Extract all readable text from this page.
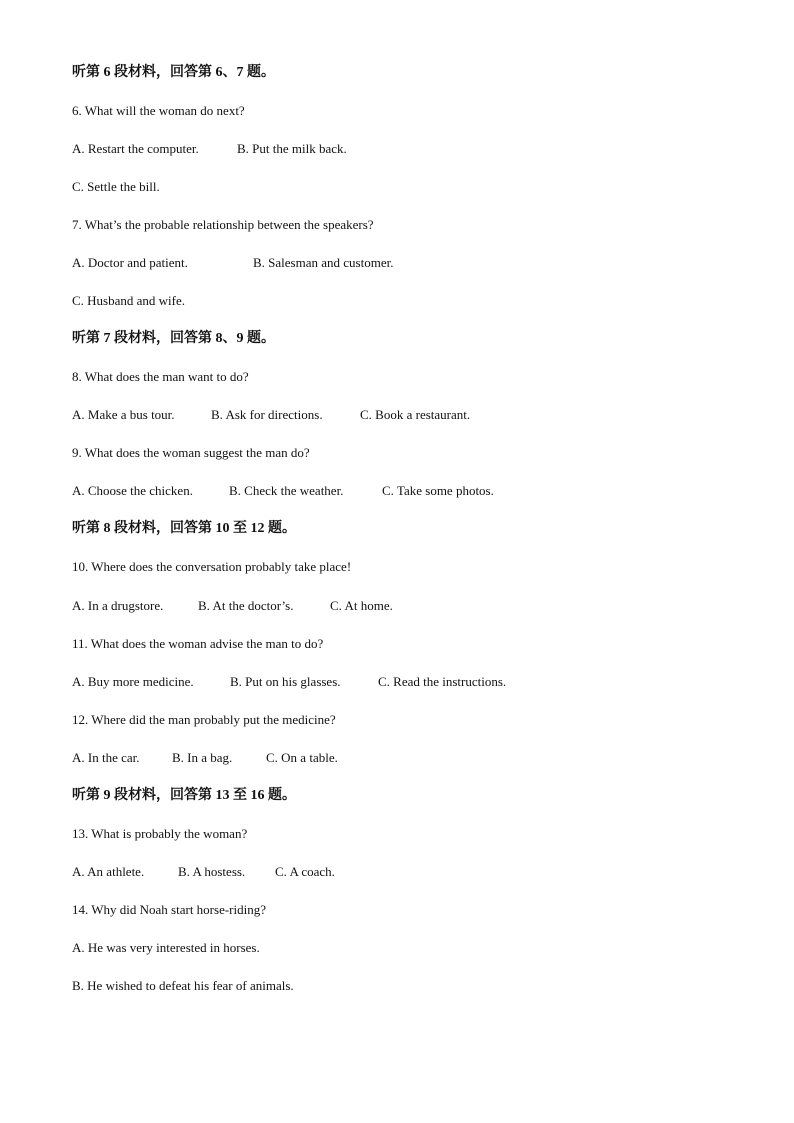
听第 6 段材料，回答第 6、7 题。
6. What will the woman do next?
A. Restart the computer.	B. Put the milk back.
C. Settle the bill.
7. What’s the probable relationship between the speakers?
A. Doctor and patient.	B. Salesman and customer.
C. Husband and wife.
听第 7 段材料，回答第 8、9 题。
8. What does the man want to do?
A. Make a bus tour.	B. Ask for directions.	C. Book a restaurant.
9. What does the woman suggest the man do?
A. Choose the chicken.	B. Check the weather.	C. Take some photos.
听第 8 段材料，回答第 10 至 12 题。
10. Where does the conversation probably take place!
A. In a drugstore.	B. At the doctor’s.	C. At home.
11. What does the woman advise the man to do?
A. Buy more medicine.	B. Put on his glasses.	C. Read the instructions.
12. Where did the man probably put the medicine?
A. In the car. B. In a bag.	C. On a table.
听第 9 段材料，回答第 13 至 16 题。
13. What is probably the woman?
A. An athlete.	B. A hostess. C. A coach.
14. Why did Noah start horse-riding?
A. He was very interested in horses.
B. He wished to defeat his fear of animals.
